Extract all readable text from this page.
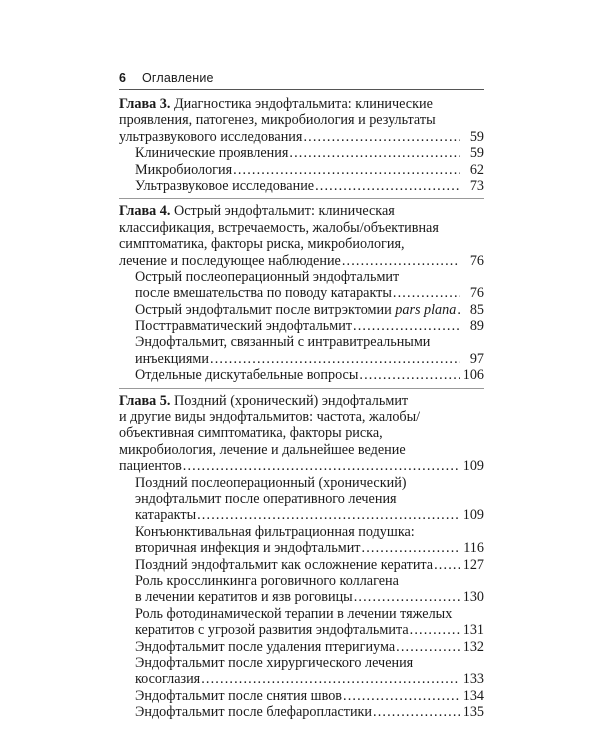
6 Оглавление
Глава 3. Диагностика эндофтальмита: клинические
проявления, патогенез, микробиология и результаты
ультразвукового исследования . . .	59
Клинические проявления . . .	59
Микробиология . . .	62
Ультразвуковое исследование . . .	73
Глава 4. Острый эндофтальмит: клиническая
классификация, встречаемость, жалобы/объективная
симптоматика, факторы риска, микробиология,
лечение и последующее наблюдение . . .	76
Острый послеоперационный эндофтальмит
после вмешательства по поводу катаракты . . .	76
Острый эндофтальмит после витрэктомии pars plana . . . 85
Посттравматический эндофтальмит . . .	89
Эндофтальмит, связанный с интравитреальными
инъекциями . . .	97
Отдельные дискутабельные вопросы . . .	106
Глава 5. Поздний (хронический) эндофтальмит
и другие виды эндофтальмитов: частота, жалобы/
объективная симптоматика, факторы риска,
микробиология, лечение и дальнейшее ведение
пациентов . . .	109
Поздний послеоперационный (хронический)
эндофтальмит после оперативного лечения
катаракты . . .	109
Конъюнктивальная фильтрационная подушка:
вторичная инфекция и эндофтальмит . . .	116
Поздний эндофтальмит как осложнение кератита . . . 127
Роль кросслинкинга роговичного коллагена
в лечении кератитов и язв роговицы . . .	130
Роль фотодинамической терапии в лечении тяжелых
кератитов с угрозой развития эндофтальмита . . .	131
Эндофтальмит после удаления птеригиума . . .	132
Эндофтальмит после хирургического лечения
косоглазия . . .	133
Эндофтальмит после снятия швов . . .	134
Эндофтальмит после блефаропластики . . .	135
